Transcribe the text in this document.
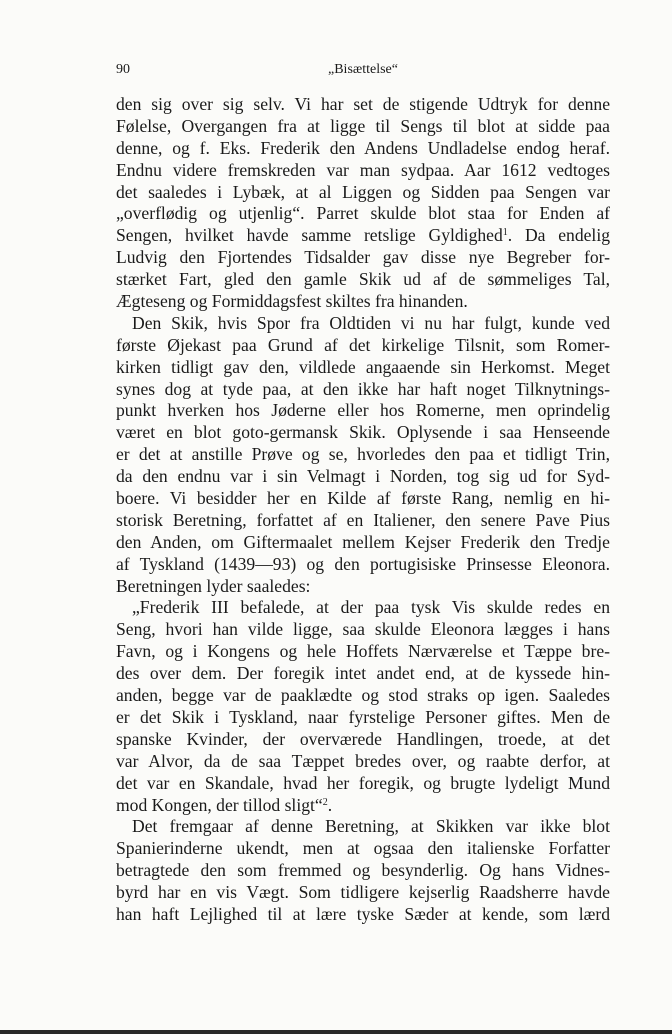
90	„Bisættelse“
den sig over sig selv. Vi har set de stigende Udtryk for denne
Følelse, Overgangen fra at ligge til Sengs til blot at sidde paa
denne, og f. Eks. Frederik den Andens Undladelse endog heraf.
Endnu videre fremskreden var man sydpaa. Aar 1612 vedtoges
det saaledes i Lybæk, at al Liggen og Sidden paa Sengen var
„overflødig og utjenlig“. Parret skulde blot staa for Enden af
Sengen, hvilket havde samme retslige Gyldighed$^1$. Da endelig
Ludvig den Fjortendes Tidsalder gav disse nye Begreber for-
stærket Fart, gled den gamle Skik ud af de sømmeliges Tal,
Ægteseng og Formiddagsfest skiltes fra hinanden.
Den Skik, hvis Spor fra Oldtiden vi nu har fulgt, kunde ved
første Øjekast paa Grund af det kirkelige Tilsnit, som Romer-
kirken tidligt gav den, vildlede angaaende sin Herkomst. Meget
synes dog at tyde paa, at den ikke har haft noget Tilknytnings-
punkt hverken hos Jøderne eller hos Romerne, men oprindelig
været en blot goto-germansk Skik. Oplysende i saa Henseende
er det at anstille Prøve og se, hvorledes den paa et tidligt Trin,
da den endnu var i sin Velmagt i Norden, tog sig ud for Syd-
boere. Vi besidder her en Kilde af første Rang, nemlig en hi-
storisk Beretning, forfattet af en Italiener, den senere Pave Pius
den Anden, om Giftermaalet mellem Kejser Frederik den Tredje
af Tyskland (1439—93) og den portugisiske Prinsesse Eleonora.
Beretningen lyder saaledes:
„Frederik III befalede, at der paa tysk Vis skulde redes en
Seng, hvori han vilde ligge, saa skulde Eleonora lægges i hans
Favn, og i Kongens og hele Hoffets Nærværelse et Tæppe bre-
des over dem. Der foregik intet andet end, at de kyssede hin-
anden, begge var de paaklædte og stod straks op igen. Saaledes
er det Skik i Tyskland, naar fyrstelige Personer giftes. Men de
spanske Kvinder, der overværede Handlingen, troede, at det
var Alvor, da de saa Tæppet bredes over, og raabte derfor, at
det var en Skandale, hvad her foregik, og brugte lydeligt Mund
mod Kongen, der tillod sligt“$^2$.
Det fremgaar af denne Beretning, at Skikken var ikke blot
Spanierinderne ukendt, men at ogsaa den italienske Forfatter
betragtede den som fremmed og besynderlig. Og hans Vidnes-
byrd har en vis Vægt. Som tidligere kejserlig Raadsherre havde
han haft Lejlighed til at lære tyske Sæder at kende, som lærd
